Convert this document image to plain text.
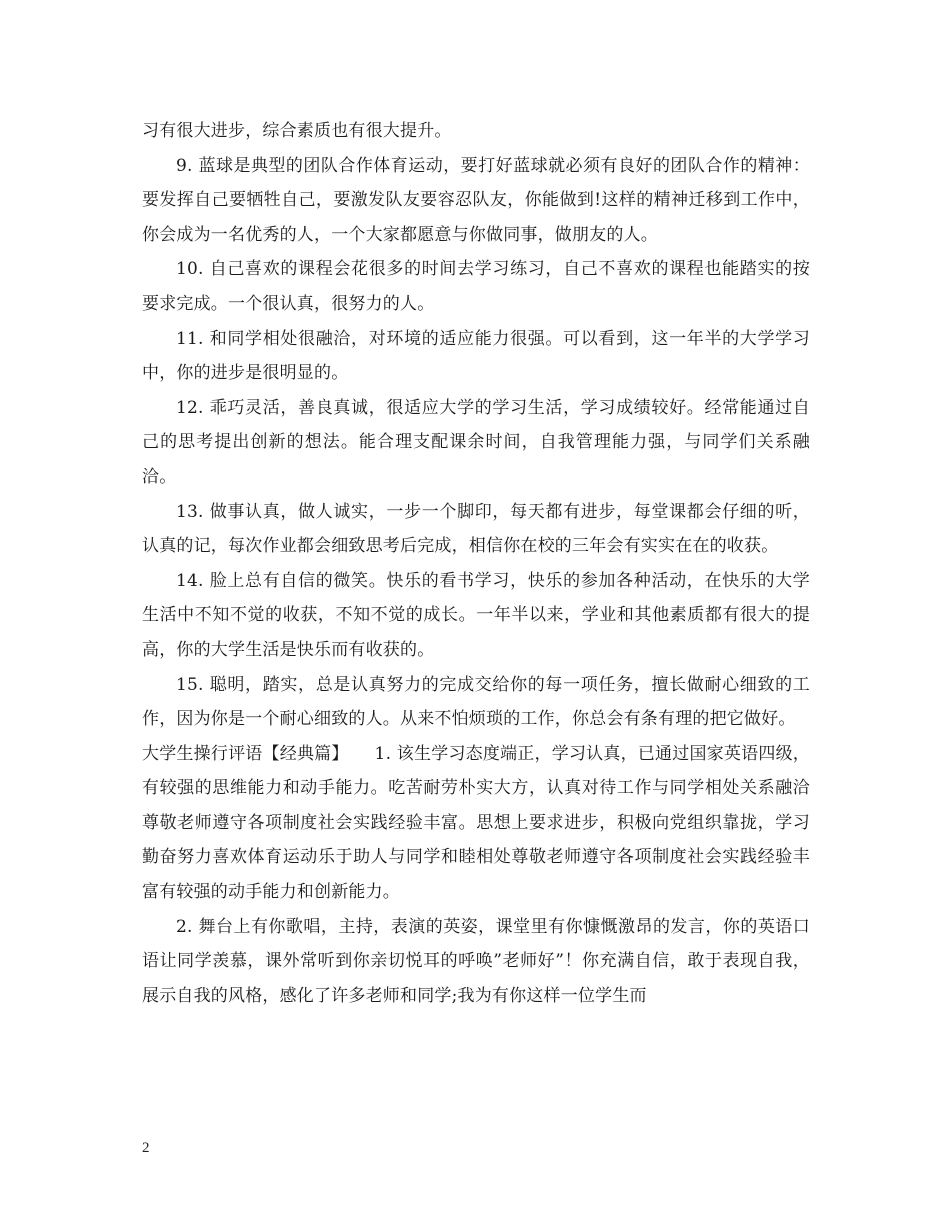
习有很大进步，综合素质也有很大提升。

9. 蓝球是典型的团队合作体育运动，要打好蓝球就必须有良好的团队合作的精神：要发挥自己要牺牲自己，要激发队友要容忍队友，你能做到!这样的精神迁移到工作中，你会成为一名优秀的人，一个大家都愿意与你做同事，做朋友的人。

10. 自己喜欢的课程会花很多的时间去学习练习，自己不喜欢的课程也能踏实的按要求完成。一个很认真，很努力的人。

11. 和同学相处很融洽，对环境的适应能力很强。可以看到，这一年半的大学学习中，你的进步是很明显的。

12. 乖巧灵活，善良真诚，很适应大学的学习生活，学习成绩较好。经常能通过自己的思考提出创新的想法。能合理支配课余时间，自我管理能力强，与同学们关系融洽。

13. 做事认真，做人诚实，一步一个脚印，每天都有进步，每堂课都会仔细的听，认真的记，每次作业都会细致思考后完成，相信你在校的三年会有实实在在的收获。

14. 脸上总有自信的微笑。快乐的看书学习，快乐的参加各种活动，在快乐的大学生活中不知不觉的收获，不知不觉的成长。一年半以来，学业和其他素质都有很大的提高，你的大学生活是快乐而有收获的。

15. 聪明，踏实，总是认真努力的完成交给你的每一项任务，擅长做耐心细致的工作，因为你是一个耐心细致的人。从来不怕烦琐的工作，你总会有条有理的把它做好。

大学生操行评语【经典篇】　　1. 该生学习态度端正，学习认真，已通过国家英语四级，有较强的思维能力和动手能力。吃苦耐劳朴实大方，认真对待工作与同学相处关系融洽尊敬老师遵守各项制度社会实践经验丰富。思想上要求进步，积极向党组织靠拢，学习勤奋努力喜欢体育运动乐于助人与同学和睦相处尊敬老师遵守各项制度社会实践经验丰富有较强的动手能力和创新能力。

2. 舞台上有你歌唱，主持，表演的英姿，课堂里有你慷慨激昂的发言，你的英语口语让同学羡慕，课外常听到你亲切悦耳的呼唤”老师好”！你充满自信，敢于表现自我，展示自我的风格，感化了许多老师和同学;我为有你这样一位学生而

2
